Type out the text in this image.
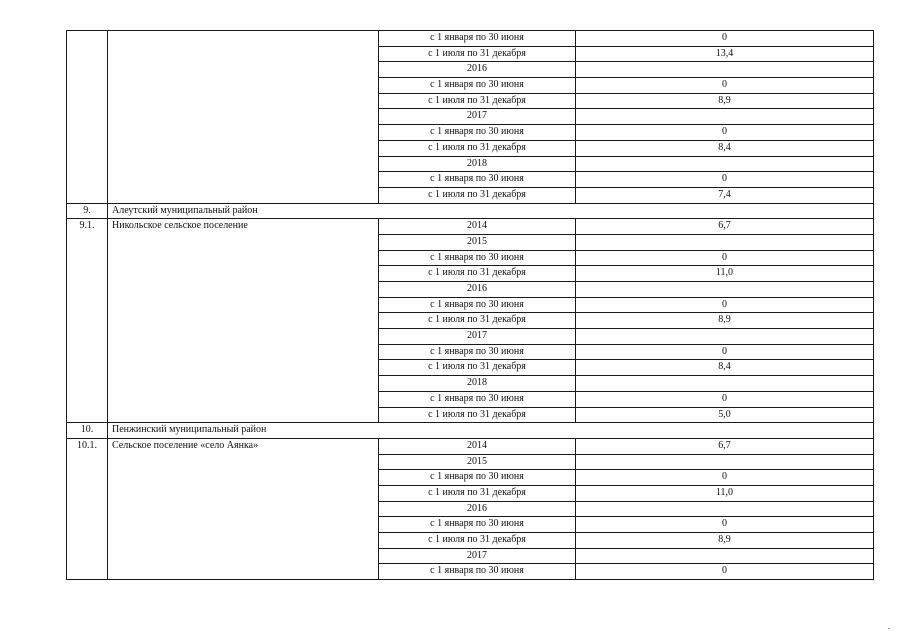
		с 1 января по 30 июня	0
		с 1 июля по 31 декабря	13,4
		2016	
		с 1 января по 30 июня	0
		с 1 июля по 31 декабря	8,9
		2017	
		с 1 января по 30 июня	0
		с 1 июля по 31 декабря	8,4
		2018	
		с 1 января по 30 июня	0
		с 1 июля по 31 декабря	7,4
9.	Алеутский муниципальный район		
9.1.	Никольское сельское поселение	2014	6,7
		2015	
		с 1 января по 30 июня	0
		с 1 июля по 31 декабря	11,0
		2016	
		с 1 января по 30 июня	0
		с 1 июля по 31 декабря	8,9
		2017	
		с 1 января по 30 июня	0
		с 1 июля по 31 декабря	8,4
		2018	
		с 1 января по 30 июня	0
		с 1 июля по 31 декабря	5,0
10.	Пенжинский муниципальный район		
10.1.	Сельское поселение «село Аянка»	2014	6,7
		2015	
		с 1 января по 30 июня	0
		с 1 июля по 31 декабря	11,0
		2016	
		с 1 января по 30 июня	0
		с 1 июля по 31 декабря	8,9
		2017	
		с 1 января по 30 июня	0
